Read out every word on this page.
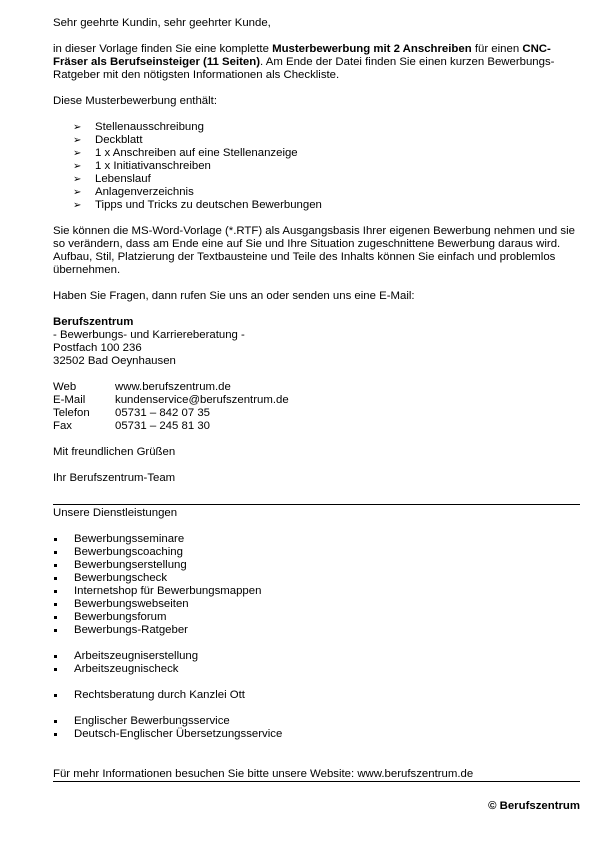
Sehr geehrte Kundin, sehr geehrter Kunde,

in dieser Vorlage finden Sie eine komplette Musterbewerbung mit 2 Anschreiben für einen CNC-Fräser als Berufseinsteiger (11 Seiten). Am Ende der Datei finden Sie einen kurzen Bewerbungs-Ratgeber mit den nötigsten Informationen als Checkliste.

Diese Musterbewerbung enthält:

➢ Stellenausschreibung
➢ Deckblatt
➢ 1 x Anschreiben auf eine Stellenanzeige
➢ 1 x Initiativanschreiben
➢ Lebenslauf
➢ Anlagenverzeichnis
➢ Tipps und Tricks zu deutschen Bewerbungen

Sie können die MS-Word-Vorlage (*.RTF) als Ausgangsbasis Ihrer eigenen Bewerbung nehmen und sie so verändern, dass am Ende eine auf Sie und Ihre Situation zugeschnittene Bewerbung daraus wird. Aufbau, Stil, Platzierung der Textbausteine und Teile des Inhalts können Sie einfach und problemlos übernehmen.

Haben Sie Fragen, dann rufen Sie uns an oder senden uns eine E-Mail:

Berufszentrum
- Bewerbungs- und Karriereberatung -
Postfach 100 236
32502 Bad Oeynhausen
Web	www.berufszentrum.de
E-Mail	kundenservice@berufszentrum.de
Telefon	05731 – 842 07 35
Fax	05731 – 245 81 30

Mit freundlichen Grüßen

Ihr Berufszentrum-Team

Unsere Dienstleistungen

Bewerbungsseminare
Bewerbungscoaching
Bewerbungserstellung
Bewerbungscheck
Internetshop für Bewerbungsmappen
Bewerbungswebseiten
Bewerbungsforum
Bewerbungs-Ratgeber
Arbeitszeugniserstellung
Arbeitszeugnischeck
Rechtsberatung durch Kanzlei Ott
Englischer Bewerbungsservice
Deutsch-Englischer Übersetzungsservice

Für mehr Informationen besuchen Sie bitte unsere Website: www.berufszentrum.de

© Berufszentrum
